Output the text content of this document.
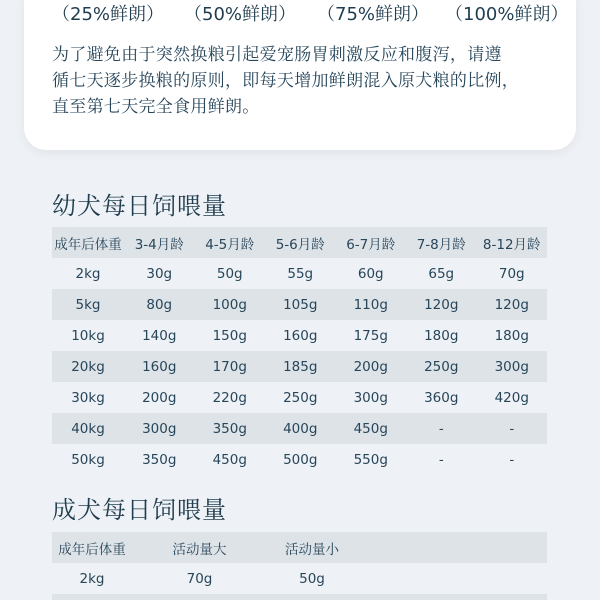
（25%鲜朗） （50%鲜朗） （75%鲜朗） （100%鲜朗）

为了避免由于突然换粮引起爱宠肠胃刺激反应和腹泻，请遵

循七天逐步换粮的原则，即每天增加鲜朗混入原犬粮的比例，

直至第七天完全食用鲜朗。

幼犬每日饲喂量
成年后体重	3-4月龄	4-5月龄	5-6月龄	6-7月龄	7-8月龄	8-12月龄
2kg	30g	50g	55g	60g	65g	70g
5kg	80g	100g	105g	110g	120g	120g
10kg	140g	150g	160g	175g	180g	180g
20kg	160g	170g	185g	200g	250g	300g
30kg	200g	220g	250g	300g	360g	420g
40kg	300g	350g	400g	450g	-	-
50kg	350g	450g	500g	550g	-	-
成犬每日饲喂量
成年后体重	活动量大	活动量小	
2kg	70g	50g	
